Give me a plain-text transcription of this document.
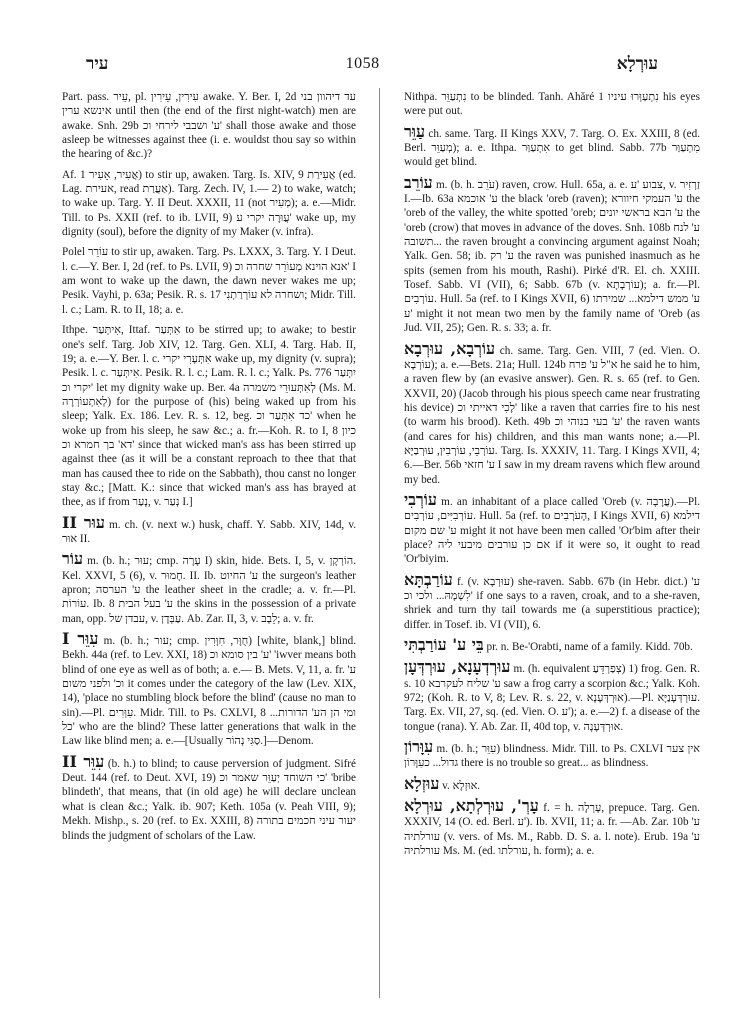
עיר	1058	עוּרְלָא

Part. pass. עֵיר, pl. עִירִין, עֵירִין awake. Y. Ber. I, 2d עד דיהוון בני אינשא ערין until then (the end of the first night-watch) men are awake. Snh. 29b ע' ושבבי לירחי וכ' shall those awake and those asleep be witnesses against thee (i. e. wouldst thou say so within the hearing of &c.)?

Af. אֲעִיר, אָעִיר 1) to stir up, awaken. Targ. Is. XIV, 9 אֲעִירַת (ed. Lag. אעירת, read אַעֲרַת). Targ. Zech. IV, 1.— 2) to wake, watch; to wake up. Targ. Y. II Deut. XXXII, 11 (not מְעִיר); a. e.—Midr. Till. to Ps. XXII (ref. to ib. LVII, 9) עֲוּרָה יקרי ע' wake up, my dignity (soul), before the dignity of my Maker (v. infra).

Polel עוֹרֵר to stir up, awaken. Targ. Ps. LXXX, 3. Targ. Y. I Deut. l. c.—Y. Ber. I, 2d (ref. to Ps. LVII, 9) אנא הוינא מְעוֹרֵר שחרה וכ' I am wont to wake up the dawn, the dawn never wakes me up; Pesik. Vayhi, p. 63a; Pesik. R. s. 17 ושחרה לא עוֹרְרַתְנִי; Midr. Till. l. c.; Lam. R. to II, 18; a. e.

Ithpe. אִיתְּעַר, Ittaf. אִתְּעַר to be stirred up; to awake; to bestir one's self. Targ. Job XIV, 12. Targ. Gen. XLI, 4. Targ. Hab. II, 19; a. e.—Y. Ber. l. c. אִתְּעָרִי יקרי wake up, my dignity (v. supra); Pesik. l. c. אִיתְּעַר. Pesik. R. l. c.; Lam. R. l. c.; Yalk. Ps. 776 יִתְּעַר יקרי וכ' let my dignity wake up. Ber. 4a לְאִתְּעוּרֵי משמרה (Ms. M. לְאִתְעוֹרְרָה) for the purpose of (his) being waked up from his sleep; Yalk. Ex. 186. Lev. R. s. 12, beg. כד אִתְּעַר וכ' when he woke up from his sleep, he saw &c.; a. fr.—Koh. R. to I, 8 כיון דא' בך חמרא וכ' since that wicked man's ass has been stirred up against thee (as it will be a constant reproach to thee that that man has caused thee to ride on the Sabbath), thou canst no longer stay &c.; [Matt. K.: since that wicked man's ass has brayed at thee, as if from נָעַר, v. נְעַר I.]

עוּר II m. ch. (v. next w.) husk, chaff. Y. Sabb. XIV, 14d, v. אוּר II.

עוֹר m. (b. h.; עוּר; cmp. עָרָה I) skin, hide. Bets. I, 5, v. הוֹרְקָן. Kel. XXVI, 5 (6), v. חָמוּר. II. Ib. ע' החיוט the surgeon's leather apron; ע' הערסה the leather sheet in the cradle; a. v. fr.—Pl. עוֹרוֹת. Ib. 8 ע' בעל הבית the skins in the possession of a private man, opp. עבדן של, v. עַבְּדָן. Ab. Zar. II, 3, v. לֵבָב; a. v. fr.

עִוֵּר I m. (b. h.; עור; cmp. חֻוָּר, חִוָּרִין) [white, blank,] blind. Bekh. 44a (ref. to Lev. XXI, 18) ע' בין סומא וכ' 'iwver means both blind of one eye as well as of both; a. e.— B. Mets. V, 11, a. fr. ע' וכ' ולפני משום it comes under the category of the law (Lev. XIX, 14), 'place no stumbling block before the blind' (cause no man to sin).—Pl. עִוְּרִים. Midr. Till. to Ps. CXLVI, 8 ומי הן הע' הדורות... כל' who are the blind? These latter generations that walk in the Law like blind men; a. e.—[Usually סַגִּי נְהוֹר.]—Denom.

עִוֵּר II (b. h.) to blind; to cause perversion of judgment. Sifré Deut. 144 (ref. to Deut. XVI, 19) כי השוחד יְעַוֵּר שאמר וכ' 'bribe blindeth', that means, that (in old age) he will declare unclean what is clean &c.; Yalk. ib. 907; Keth. 105a (v. Peah VIII, 9); Mekh. Mishp., s. 20 (ref. to Ex. XXIII, 8) יעור עיני חכמים בתורה blinds the judgment of scholars of the Law.

Nithpa. נִתְעַוֵּר to be blinded. Tanh. Ahăré 1 נִתְעַוְּרוּ עיניו his eyes were put out.

עַוֵּר ch. same. Targ. II Kings XXV, 7. Targ. O. Ex. XXIII, 8 (ed. Berl. מְעַוֵּר); a. e. Ithpa. אִתְעַוַּר to get blind. Sabb. 77b מִתְעַוַּר would get blind.

עוֹרֵב m. (b. h. עֹרֵב) raven, crow. Hull. 65a, a. e. צבוע 'ע, v. זַרְזִיר I.—Ib. 63a ע' אוכמא the black 'oreb (raven); ע' העמקי חיוורא the 'oreb of the valley, the white spotted 'oreb; ע' הבא בראשי יונים the 'oreb (crow) that moves in advance of the doves. Snh. 108b ע' לנח תשובה... the raven brought a convincing argument against Noah; Yalk. Gen. 58; ib. ע' רק the raven was punished inasmuch as he spits (semen from his mouth, Rashi). Pirké d'R. El. ch. XXIII. Tosef. Sabb. VI (VII), 6; Sabb. 67b (v. עוֹרְבָתָא); a. fr.—Pl. עוֹרְבִים. Hull. 5a (ref. to I Kings XVII, 6) ע' ממש דילמא... שמירתו ע' might it not mean two men by the family name of 'Oreb (as Jud. VII, 25); Gen. R. s. 33; a. fr.

עוֹרְבָא, עוּרְבָא ch. same. Targ. Gen. VIII, 7 (ed. Vien. O. עוֹרְבָא); a. e.—Bets. 21a; Hull. 124b א"ל ע' פרח he said he to him, a raven flew by (an evasive answer). Gen. R. s. 65 (ref. to Gen. XXVII, 20) (Jacob through his pious speech came near frustrating his device) לָכִי דאייתי וכ' like a raven that carries fire to his nest (to warm his brood). Keth. 49b ע' בעי בנוהי וכ' the raven wants (and cares for his) children, and this man wants none; a.—Pl. עוֹרְבֵי, עוֹרְבִין, עוּרְבַיָּא. Targ. Is. XXXIV, 11. Targ. I Kings XVII, 4; 6.—Ber. 56b ע' חזאי I saw in my dream ravens which flew around my bed.

עוֹרְבִי m. an inhabitant of a place called 'Oreb (v. עֲרָבָה).—Pl. עוֹרְבִיִּים, עוֹרְבִים. Hull. 5a (ref. to הָעֹרְבִים, I Kings XVII, 6) דילמא ע' שם מקום might it not have been men called 'Or'bim after their place? אם כן עורבים מיבעי ליה if it were so, it ought to read 'Or'biyim.

עוֹרַבְתָּא f. (v. עוּרְבָא) she-raven. Sabb. 67b (in Hebr. dict.) ע' לִשְׁמָהּ... ולכי וכ' if one says to a raven, croak, and to a she-raven, shriek and turn thy tail towards me (a superstitious practice); differ. in Tosef. ib. VI (VII), 6.

בֵּי ע' עוֹרַבְתִּי pr. n. Be-'Orabti, name of a family. Kidd. 70b.

עוּרְדְעָנָא, עוּרְדְּעָן m. (h. equivalent צְפַרְדֵּעַ) 1) frog. Gen. R. s. 10 ע' שליח לעקרבא saw a frog carry a scorpion &c.; Yalk. Koh. 972; (Koh. R. to V, 8; Lev. R. s. 22, v. אוּרְדְּעָנָא).—Pl. עוּרְדְּעָנַיָּא. Targ. Ex. VII, 27, sq. (ed. Vien. O. ע'); a. e.—2) f. a disease of the tongue (rana). Y. Ab. Zar. II, 40d top, v. אוּרְדְּעָנָה.

עִוָּרוֹן m. (b. h.; עִוֵּר) blindness. Midr. Till. to Ps. CXLVI אין צער גדול... כעִוָּרוֹן there is no trouble so great... as blindness.

עוּזְלָא v. אוּזְלָא.

עָרְ', עוּרְלְתָא, עוּרְלָא f. = h. עָרְלָה, prepuce. Targ. Gen. XXXIV, 14 (O. ed. Berl. ע'). Ib. XVII, 11; a. fr. —Ab. Zar. 10b ע' עורלתיה (v. vers. of Ms. M., Rabb. D. S. a. l. note). Erub. 19a ע' עורלתיה Ms. M. (ed. עורלתו, h. form); a. e.
